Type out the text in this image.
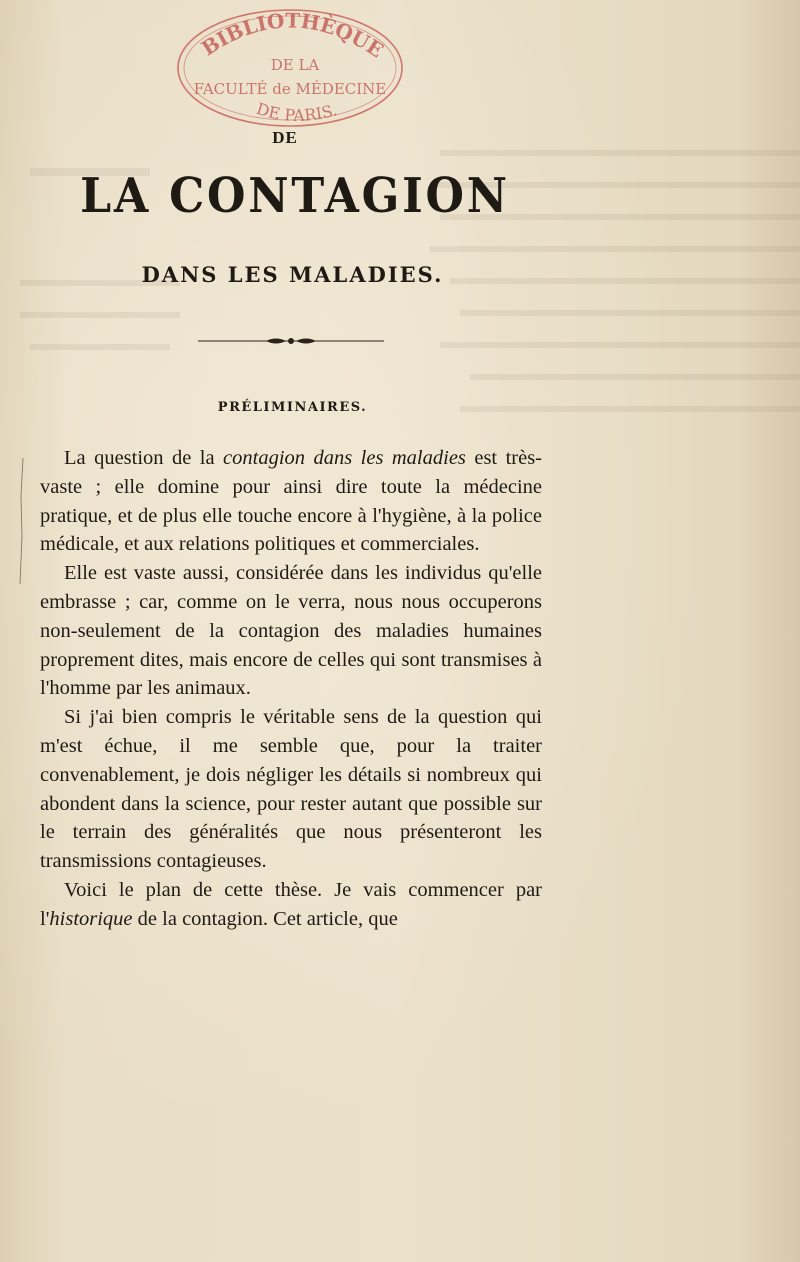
BIBLIOTHÈQUE
DE LA
FACULTÉ de MÉDECINE
DE PARIS.
DE
LA CONTAGION
DANS LES MALADIES.
PRÉLIMINAIRES.

La question de la contagion dans les maladies est très-vaste ; elle domine pour ainsi dire toute la médecine pratique, et de plus elle touche encore à l'hygiène, à la police médicale, et aux relations politiques et commerciales.

Elle est vaste aussi, considérée dans les individus qu'elle embrasse ; car, comme on le verra, nous nous occuperons non-seulement de la contagion des maladies humaines proprement dites, mais encore de celles qui sont transmises à l'homme par les animaux.

Si j'ai bien compris le véritable sens de la question qui m'est échue, il me semble que, pour la traiter convenablement, je dois négliger les détails si nombreux qui abondent dans la science, pour rester autant que possible sur le terrain des généralités que nous présenteront les transmissions contagieuses.

Voici le plan de cette thèse. Je vais commencer par l'historique de la contagion. Cet article, que
